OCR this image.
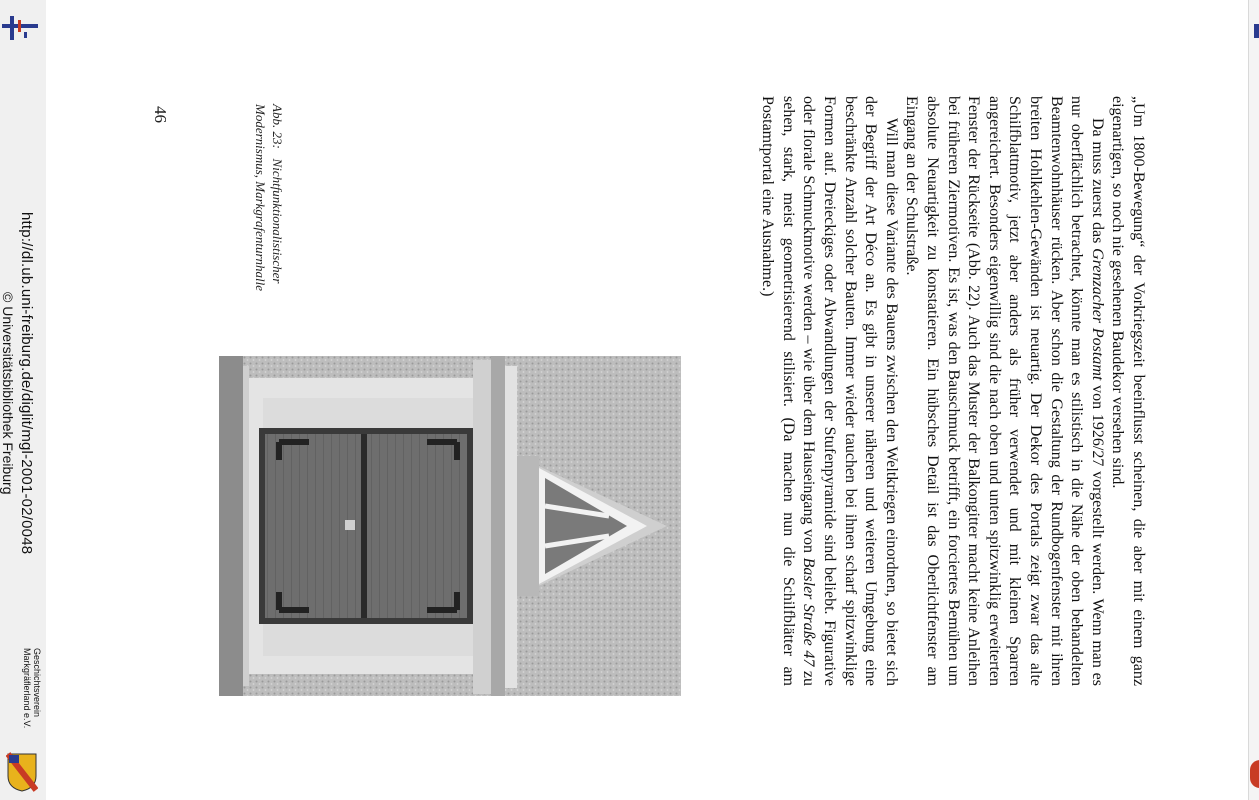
http://dl.ub.uni-freiburg.de/diglit/mgl-2001-02/0048
© Universitätsbibliothek Freiburg
Geschichtsverein
Markgräflerland e.V.

„Um 1800-Bewegung“ der Vorkriegszeit beeinflusst scheinen, die aber mit einem ganz eigenartigen, so noch nie gesehenen Baudekor versehen sind.

Da muss zuerst das Grenzacher Postamt von 1926/27 vorgestellt werden. Wenn man es nur oberflächlich betrachtet, könnte man es stilistisch in die Nähe der oben behandelten Beamtenwohnhäuser rücken. Aber schon die Gestaltung der Rundbogenfenster mit ihren breiten Hohlkehlen-Gewänden ist neuartig. Der Dekor des Portals zeigt zwar das alte Schilfblattmotiv, jetzt aber anders als früher verwendet und mit kleinen Sparren angereichert. Besonders eigenwillig sind die nach oben und unten spitzwinklig erweiterten Fenster der Rückseite (Abb. 22). Auch das Muster der Balkongitter macht keine Anleihen bei früheren Ziermotiven. Es ist, was den Bauschmuck betrifft, ein forciertes Bemühen um absolute Neuartigkeit zu konstatieren. Ein hübsches Detail ist das Oberlichtfenster am Eingang an der Schulstraße.

Will man diese Variante des Bauens zwischen den Weltkriegen einordnen, so bietet sich der Begriff der Art Déco an. Es gibt in unserer näheren und weiteren Umgebung eine beschränkte Anzahl solcher Bauten. Immer wieder tauchen bei ihnen scharf spitzwinklige Formen auf. Dreieckiges oder Abwandlungen der Stufenpyramide sind beliebt. Figurative oder florale Schmuckmotive werden – wie über dem Hauseingang von Basler Straße 47 zu sehen, stark, meist geometrisierend stilisiert. (Da machen nun die Schilfblätter am Postamtportal eine Ausnahme.)

Abb. 23:   Nichtfunktionalistischer
Modernismus, Markgrafenturnhalle
46
